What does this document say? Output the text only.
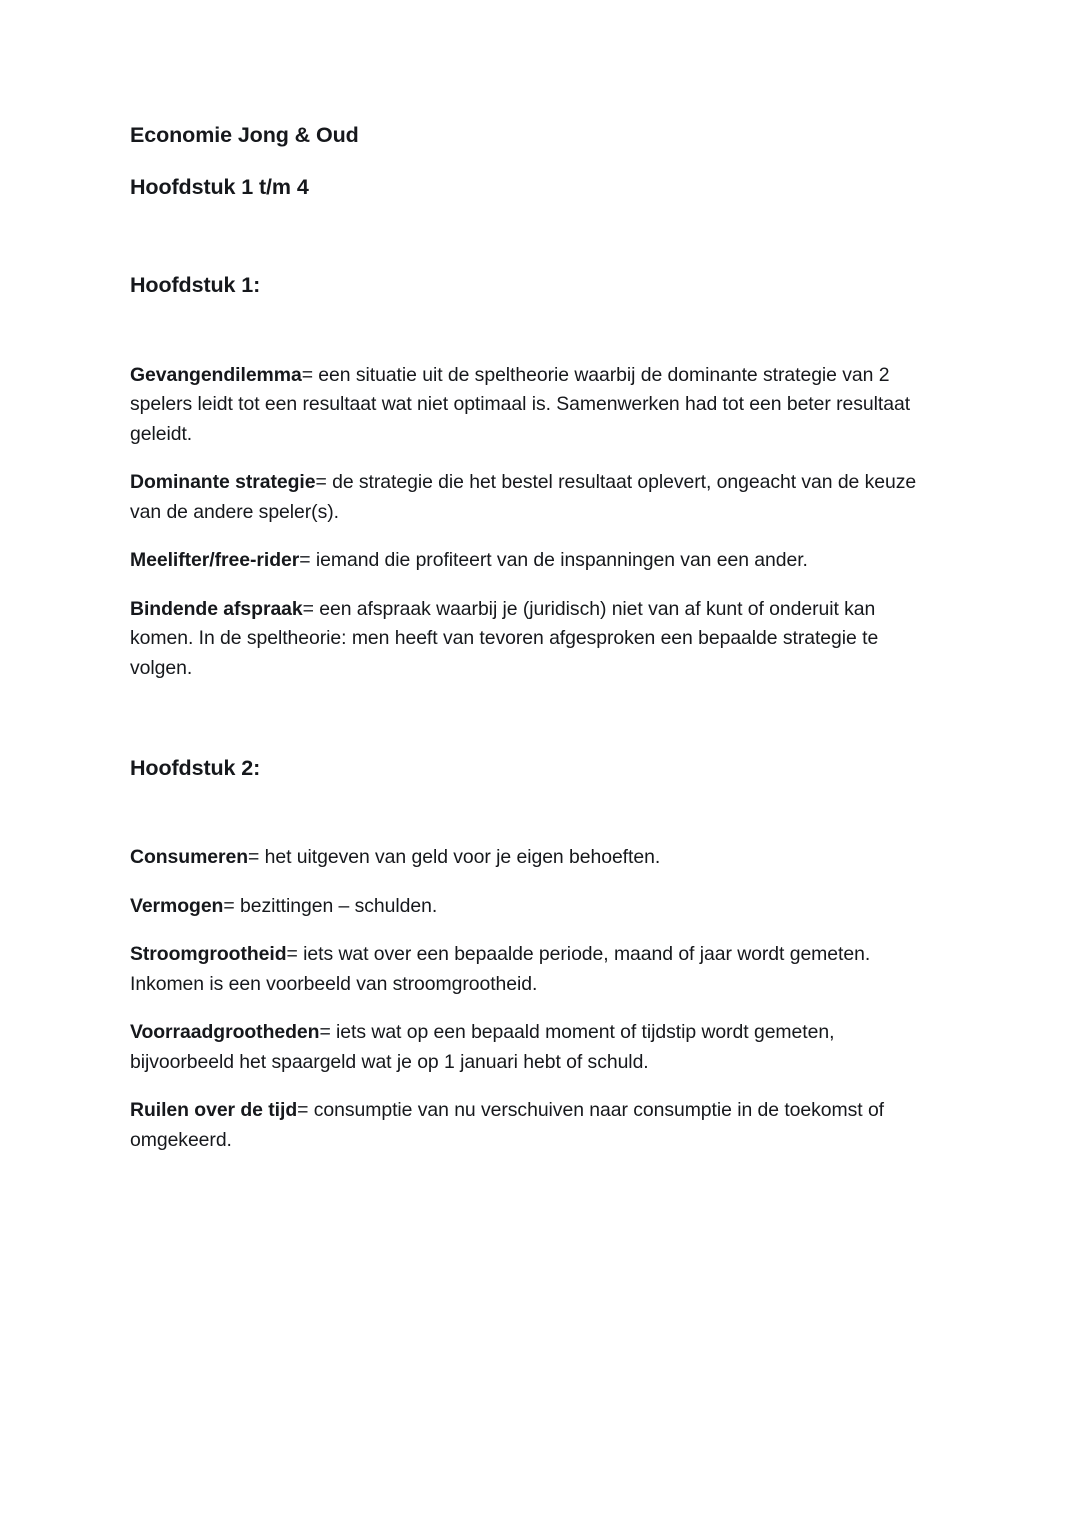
Economie Jong & Oud
Hoofdstuk 1 t/m 4
Hoofdstuk 1:

Gevangendilemma= een situatie uit de speltheorie waarbij de dominante strategie van 2 spelers leidt tot een resultaat wat niet optimaal is. Samenwerken had tot een beter resultaat geleidt.

Dominante strategie= de strategie die het bestel resultaat oplevert, ongeacht van de keuze van de andere speler(s).

Meelifter/free-rider= iemand die profiteert van de inspanningen van een ander.

Bindende afspraak= een afspraak waarbij je (juridisch) niet van af kunt of onderuit kan komen. In de speltheorie: men heeft van tevoren afgesproken een bepaalde strategie te volgen.

Hoofdstuk 2:

Consumeren= het uitgeven van geld voor je eigen behoeften.

Vermogen= bezittingen – schulden.

Stroomgrootheid= iets wat over een bepaalde periode, maand of jaar wordt gemeten. Inkomen is een voorbeeld van stroomgrootheid.

Voorraadgrootheden= iets wat op een bepaald moment of tijdstip wordt gemeten, bijvoorbeeld het spaargeld wat je op 1 januari hebt of schuld.

Ruilen over de tijd= consumptie van nu verschuiven naar consumptie in de toekomst of omgekeerd.
